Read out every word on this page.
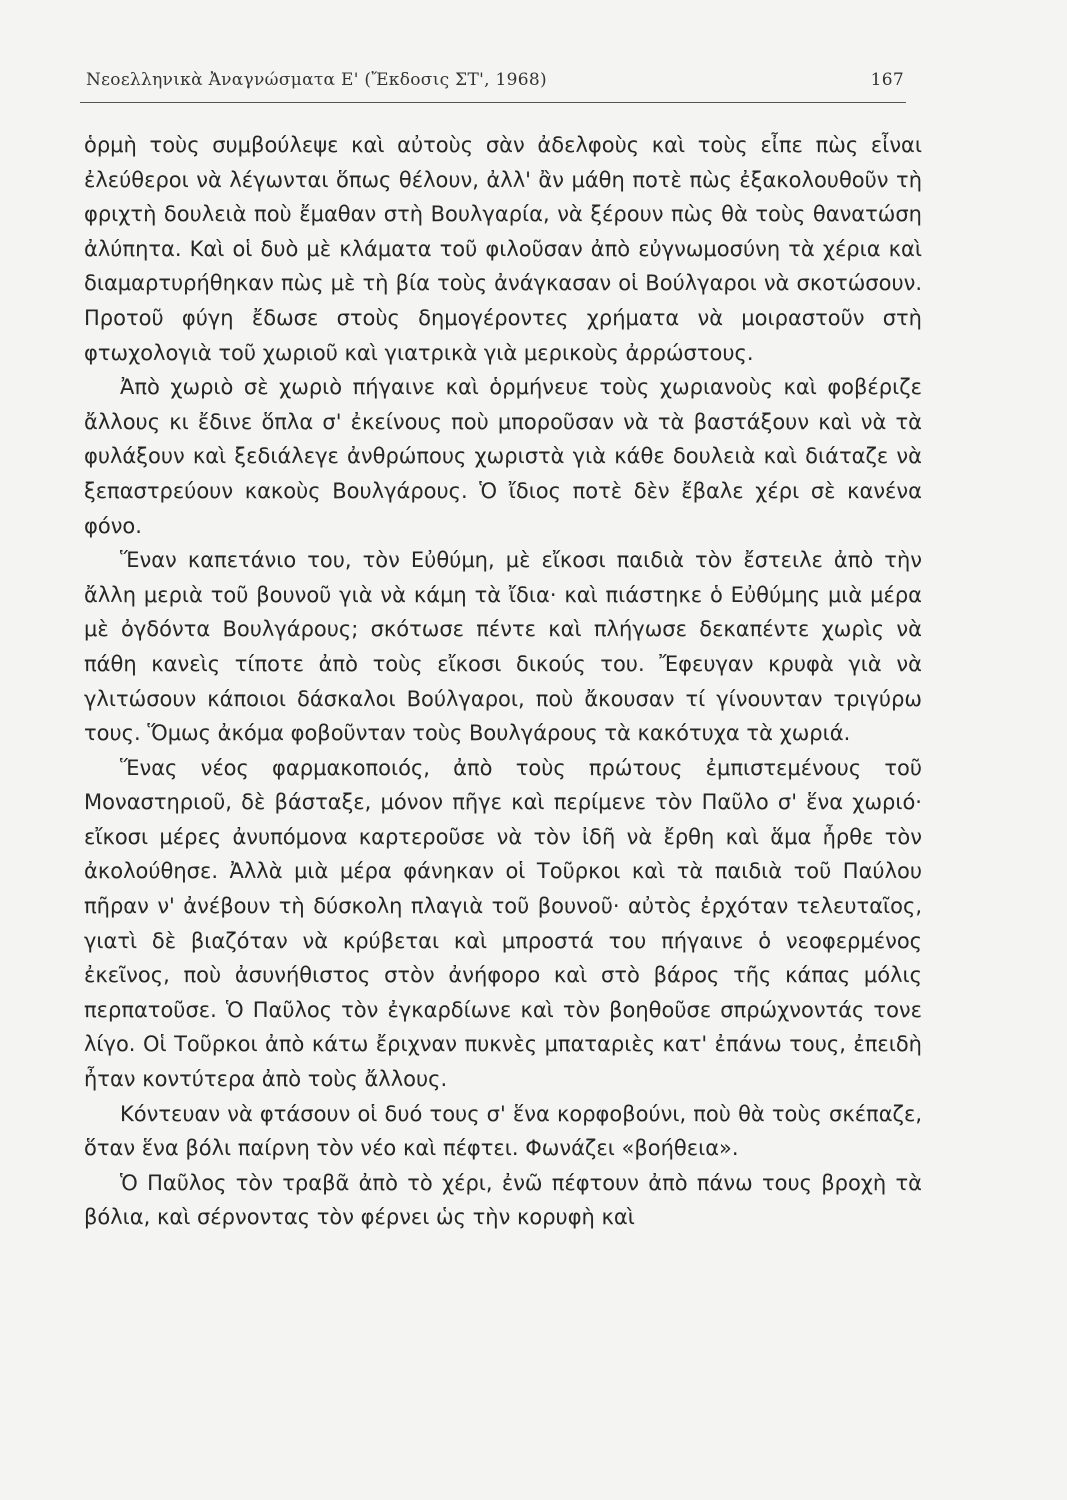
Νεοελληνικὰ Ἀναγνώσματα Ε' (Ἔκδοσις ΣΤ', 1968)	167

ὁρμὴ τοὺς συμβούλεψε καὶ αὐτοὺς σὰν ἀδελφοὺς καὶ τοὺς εἶπε πὼς εἶναι ἐλεύθεροι νὰ λέγωνται ὅπως θέλουν, ἀλλ' ἂν μάθη ποτὲ πὼς ἐξακολουθοῦν τὴ φριχτὴ δουλειὰ ποὺ ἔμαθαν στὴ Βουλγαρία, νὰ ξέρουν πὼς θὰ τοὺς θανατώση ἀλύπητα. Καὶ οἱ δυὸ μὲ κλάματα τοῦ φιλοῦσαν ἀπὸ εὐγνωμοσύνη τὰ χέρια καὶ διαμαρτυρήθηκαν πὼς μὲ τὴ βία τοὺς ἀνάγκασαν οἱ Βούλγαροι νὰ σκοτώσουν. Προτοῦ φύγη ἔδωσε στοὺς δημογέροντες χρήματα νὰ μοιραστοῦν στὴ φτωχολογιὰ τοῦ χωριοῦ καὶ γιατρικὰ γιὰ μερικοὺς ἀρρώστους.

Ἀπὸ χωριὸ σὲ χωριὸ πήγαινε καὶ ὁρμήνευε τοὺς χωριανοὺς καὶ φοβέριζε ἄλλους κι ἔδινε ὅπλα σ' ἐκείνους ποὺ μποροῦσαν νὰ τὰ βαστάξουν καὶ νὰ τὰ φυλάξουν καὶ ξεδιάλεγε ἀνθρώπους χωριστὰ γιὰ κάθε δουλειὰ καὶ διάταζε νὰ ξεπαστρεύουν κακοὺς Βουλγάρους. Ὁ ἴδιος ποτὲ δὲν ἔβαλε χέρι σὲ κανένα φόνο.

Ἕναν καπετάνιο του, τὸν Εὐθύμη, μὲ εἴκοσι παιδιὰ τὸν ἔστειλε ἀπὸ τὴν ἄλλη μεριὰ τοῦ βουνοῦ γιὰ νὰ κάμη τὰ ἴδια· καὶ πιάστηκε ὁ Εὐθύμης μιὰ μέρα μὲ ὀγδόντα Βουλγάρους; σκότωσε πέντε καὶ πλήγωσε δεκαπέντε χωρὶς νὰ πάθη κανεὶς τίποτε ἀπὸ τοὺς εἴκοσι δικούς του. Ἔφευγαν κρυφὰ γιὰ νὰ γλιτώσουν κάποιοι δάσκαλοι Βούλγαροι, ποὺ ἄκουσαν τί γίνουνταν τριγύρω τους. Ὅμως ἀκόμα φοβοῦνταν τοὺς Βουλγάρους τὰ κακότυχα τὰ χωριά.

Ἕνας νέος φαρμακοποιός, ἀπὸ τοὺς πρώτους ἐμπιστεμένους τοῦ Μοναστηριοῦ, δὲ βάσταξε, μόνον πῆγε καὶ περίμενε τὸν Παῦλο σ' ἕνα χωριό· εἴκοσι μέρες ἀνυπόμονα καρτεροῦσε νὰ τὸν ἰδῆ νὰ ἔρθη καὶ ἅμα ἦρθε τὸν ἀκολούθησε. Ἀλλὰ μιὰ μέρα φάνηκαν οἱ Τοῦρκοι καὶ τὰ παιδιὰ τοῦ Παύλου πῆραν ν' ἀνέβουν τὴ δύσκολη πλαγιὰ τοῦ βουνοῦ· αὐτὸς ἐρχόταν τελευταῖος, γιατὶ δὲ βιαζόταν νὰ κρύβεται καὶ μπροστά του πήγαινε ὁ νεοφερμένος ἐκεῖνος, ποὺ ἀσυνήθιστος στὸν ἀνήφορο καὶ στὸ βάρος τῆς κάπας μόλις περπατοῦσε. Ὁ Παῦλος τὸν ἐγκαρδίωνε καὶ τὸν βοηθοῦσε σπρώχνοντάς τονε λίγο. Οἱ Τοῦρκοι ἀπὸ κάτω ἔριχναν πυκνὲς μπαταριὲς κατ' ἐπάνω τους, ἐπειδὴ ἦταν κοντύτερα ἀπὸ τοὺς ἄλλους.

Κόντευαν νὰ φτάσουν οἱ δυό τους σ' ἕνα κορφοβούνι, ποὺ θὰ τοὺς σκέπαζε, ὅταν ἕνα βόλι παίρνη τὸν νέο καὶ πέφτει. Φωνάζει «βοήθεια».

Ὁ Παῦλος τὸν τραβᾶ ἀπὸ τὸ χέρι, ἐνῶ πέφτουν ἀπὸ πάνω τους βροχὴ τὰ βόλια, καὶ σέρνοντας τὸν φέρνει ὡς τὴν κορυφὴ καὶ
